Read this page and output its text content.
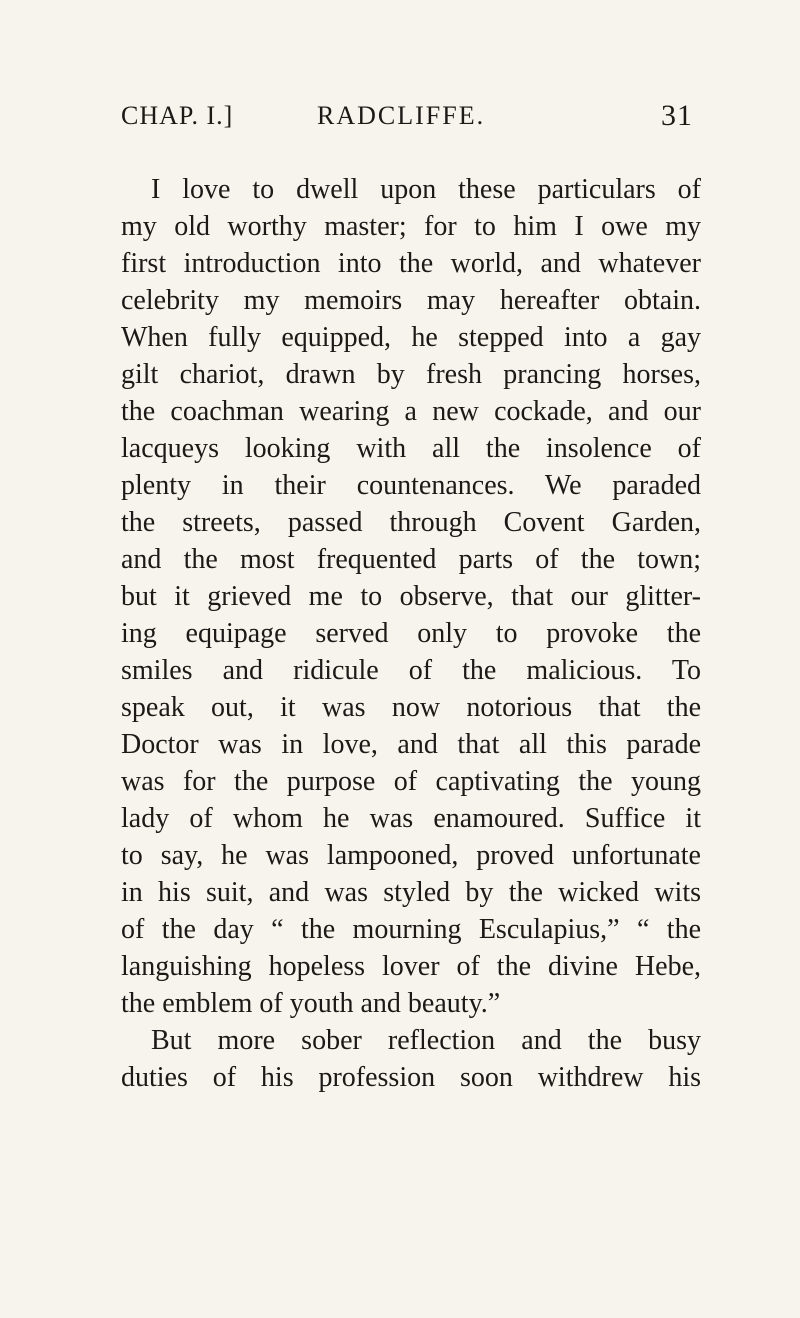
CHAP. I.]	RADCLIFFE.	31
I love to dwell upon these particulars of
my old worthy master; for to him I owe my
first introduction into the world, and whatever
celebrity my memoirs may hereafter obtain.
When fully equipped, he stepped into a gay
gilt chariot, drawn by fresh prancing horses,
the coachman wearing a new cockade, and our
lacqueys looking with all the insolence of
plenty in their countenances. We paraded
the streets, passed through Covent Garden,
and the most frequented parts of the town;
but it grieved me to observe, that our glitter-
ing equipage served only to provoke the
smiles and ridicule of the malicious. To
speak out, it was now notorious that the
Doctor was in love, and that all this parade
was for the purpose of captivating the young
lady of whom he was enamoured. Suffice it
to say, he was lampooned, proved unfortunate
in his suit, and was styled by the wicked wits
of the day “ the mourning Esculapius,” “ the
languishing hopeless lover of the divine Hebe,
the emblem of youth and beauty.”
But more sober reflection and the busy
duties of his profession soon withdrew his
